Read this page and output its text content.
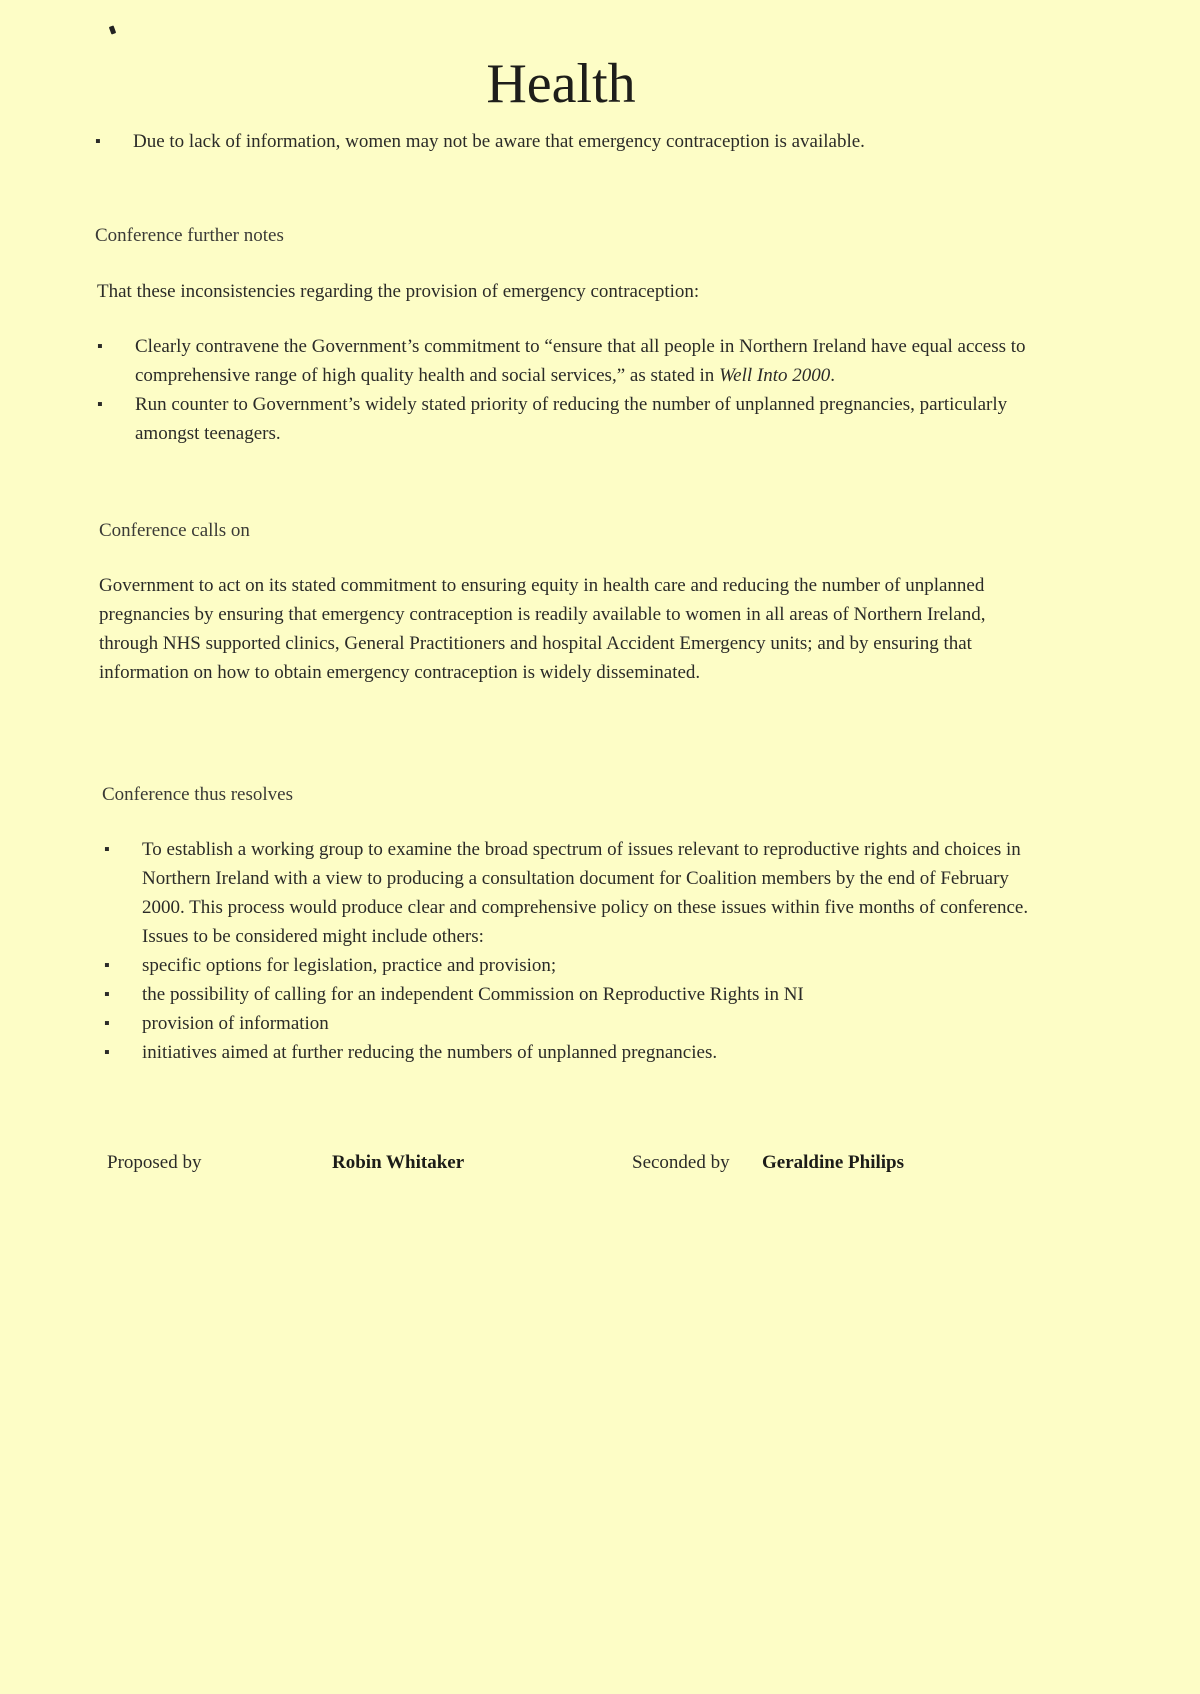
Health
▪ Due to lack of information, women may not be aware that emergency contraception is available.

Conference further notes

That these inconsistencies regarding the provision of emergency contraception:

▪ Clearly contravene the Government’s commitment to “ensure that all people in Northern Ireland have equal access to comprehensive range of high quality health and social services,” as stated in Well Into 2000.
▪ Run counter to Government’s widely stated priority of reducing the number of unplanned pregnancies, particularly amongst teenagers.

Conference calls on

Government to act on its stated commitment to ensuring equity in health care and reducing the number of unplanned pregnancies by ensuring that emergency contraception is readily available to women in all areas of Northern Ireland, through NHS supported clinics, General Practitioners and hospital Accident Emergency units; and by ensuring that information on how to obtain emergency contraception is widely disseminated.

Conference thus resolves

▪ To establish a working group to examine the broad spectrum of issues relevant to reproductive rights and choices in Northern Ireland with a view to producing a consultation document for Coalition members by the end of February 2000. This process would produce clear and comprehensive policy on these issues within five months of conference. Issues to be considered might include others:
▪ specific options for legislation, practice and provision;
▪ the possibility of calling for an independent Commission on Reproductive Rights in NI
▪ provision of information
▪ initiatives aimed at further reducing the numbers of unplanned pregnancies.
Proposed by	Robin Whitaker	Seconded by Geraldine Philips
